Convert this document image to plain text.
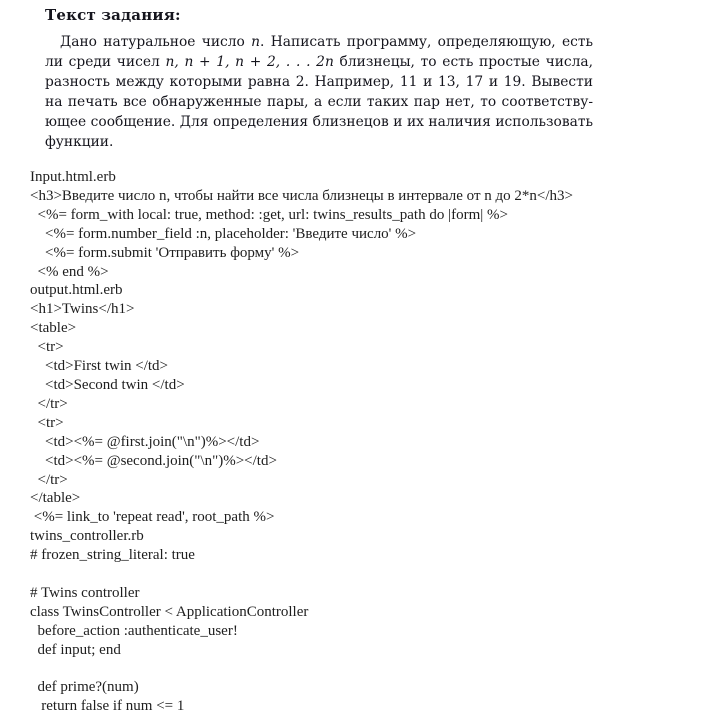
Текст задания:
Дано натуральное число n. Написать программу, определяющую, есть
ли среди чисел n, n + 1, n + 2, . . . 2n близнецы, то есть простые числа,
разность между которыми равна 2. Например, 11 и 13, 17 и 19. Вывести
на печать все обнаруженные пары, а если таких пар нет, то соответству-
ющее сообщение. Для определения близнецов и их наличия использовать
функции.
Input.html.erb
<h3>Введите число n, чтобы найти все числа близнецы в интервале от n до 2*n</h3>
<%= form_with local: true, method: :get, url: twins_results_path do |form| %>
<%= form.number_field :n, placeholder: 'Введите число' %>
<%= form.submit 'Отправить форму' %>
<% end %>
output.html.erb
<h1>Twins</h1>
<table>
<tr>
<td>First twin </td>
<td>Second twin </td>
</tr>
<tr>
<td><%= @first.join("\n")%></td>
<td><%= @second.join("\n")%></td>
</tr>
</table>
<%= link_to 'repeat read', root_path %>
twins_controller.rb
# frozen_string_literal: true
# Twins controller
class TwinsController < ApplicationController
before_action :authenticate_user!
def input; end
def prime?(num)
return false if num <= 1
